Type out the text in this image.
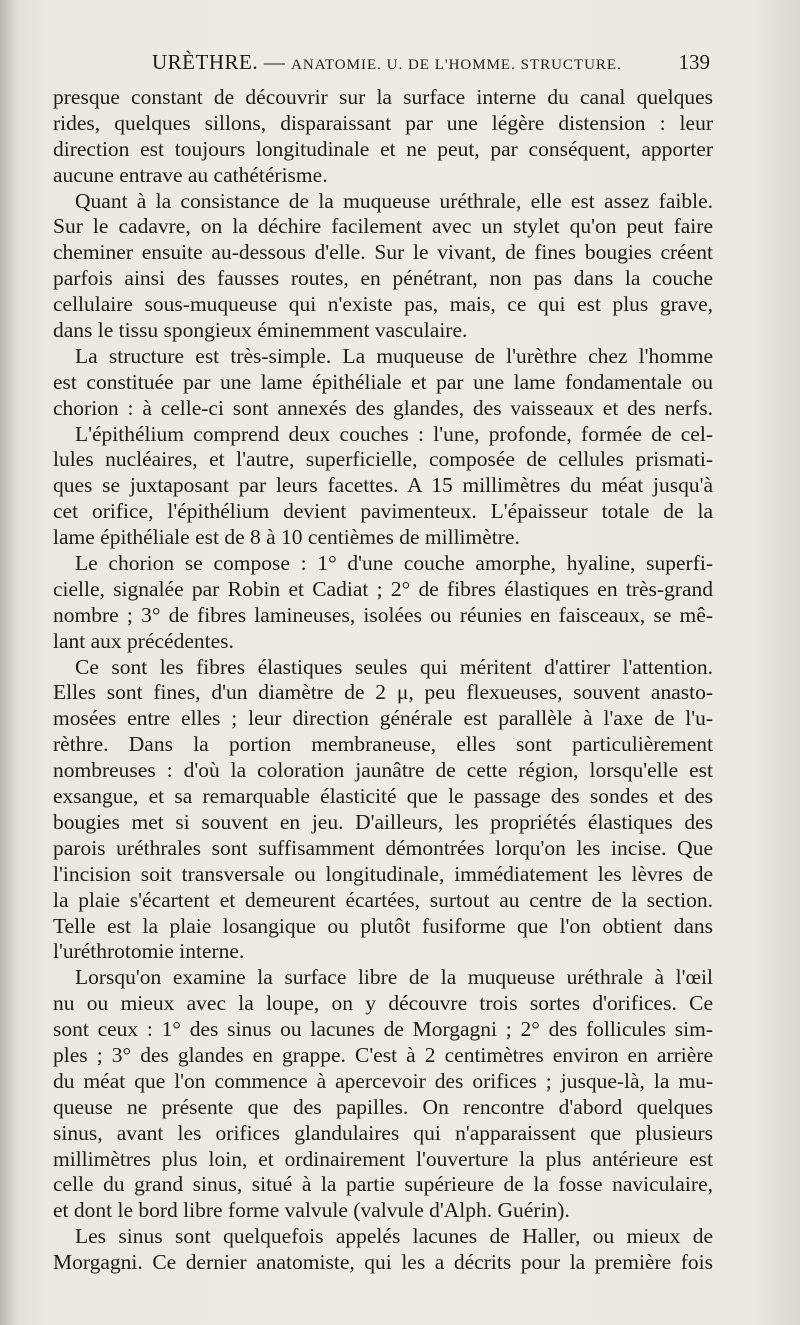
URÈTHRE. — ANATOMIE. U. DE L'HOMME. STRUCTURE.	139
presque constant de découvrir sur la surface interne du canal quelques
rides, quelques sillons, disparaissant par une légère distension : leur
direction est toujours longitudinale et ne peut, par conséquent, apporter
aucune entrave au cathétérisme.
Quant à la consistance de la muqueuse uréthrale, elle est assez faible.
Sur le cadavre, on la déchire facilement avec un stylet qu'on peut faire
cheminer ensuite au-dessous d'elle. Sur le vivant, de fines bougies créent
parfois ainsi des fausses routes, en pénétrant, non pas dans la couche
cellulaire sous-muqueuse qui n'existe pas, mais, ce qui est plus grave,
dans le tissu spongieux éminemment vasculaire.
La structure est très-simple. La muqueuse de l'urèthre chez l'homme
est constituée par une lame épithéliale et par une lame fondamentale ou
chorion : à celle-ci sont annexés des glandes, des vaisseaux et des nerfs.
L'épithélium comprend deux couches : l'une, profonde, formée de cel-
lules nucléaires, et l'autre, superficielle, composée de cellules prismati-
ques se juxtaposant par leurs facettes. A 15 millimètres du méat jusqu'à
cet orifice, l'épithélium devient pavimenteux. L'épaisseur totale de la
lame épithéliale est de 8 à 10 centièmes de millimètre.
Le chorion se compose : 1° d'une couche amorphe, hyaline, superfi-
cielle, signalée par Robin et Cadiat ; 2° de fibres élastiques en très-grand
nombre ; 3° de fibres lamineuses, isolées ou réunies en faisceaux, se mê-
lant aux précédentes.
Ce sont les fibres élastiques seules qui méritent d'attirer l'attention.
Elles sont fines, d'un diamètre de 2 μ, peu flexueuses, souvent anasto-
mosées entre elles ; leur direction générale est parallèle à l'axe de l'u-
rèthre. Dans la portion membraneuse, elles sont particulièrement
nombreuses : d'où la coloration jaunâtre de cette région, lorsqu'elle est
exsangue, et sa remarquable élasticité que le passage des sondes et des
bougies met si souvent en jeu. D'ailleurs, les propriétés élastiques des
parois uréthrales sont suffisamment démontrées lorqu'on les incise. Que
l'incision soit transversale ou longitudinale, immédiatement les lèvres de
la plaie s'écartent et demeurent écartées, surtout au centre de la section.
Telle est la plaie losangique ou plutôt fusiforme que l'on obtient dans
l'uréthrotomie interne.
Lorsqu'on examine la surface libre de la muqueuse uréthrale à l'œil
nu ou mieux avec la loupe, on y découvre trois sortes d'orifices. Ce
sont ceux : 1° des sinus ou lacunes de Morgagni ; 2° des follicules sim-
ples ; 3° des glandes en grappe. C'est à 2 centimètres environ en arrière
du méat que l'on commence à apercevoir des orifices ; jusque-là, la mu-
queuse ne présente que des papilles. On rencontre d'abord quelques
sinus, avant les orifices glandulaires qui n'apparaissent que plusieurs
millimètres plus loin, et ordinairement l'ouverture la plus antérieure est
celle du grand sinus, situé à la partie supérieure de la fosse naviculaire,
et dont le bord libre forme valvule (valvule d'Alph. Guérin).
Les sinus sont quelquefois appelés lacunes de Haller, ou mieux de
Morgagni. Ce dernier anatomiste, qui les a décrits pour la première fois
